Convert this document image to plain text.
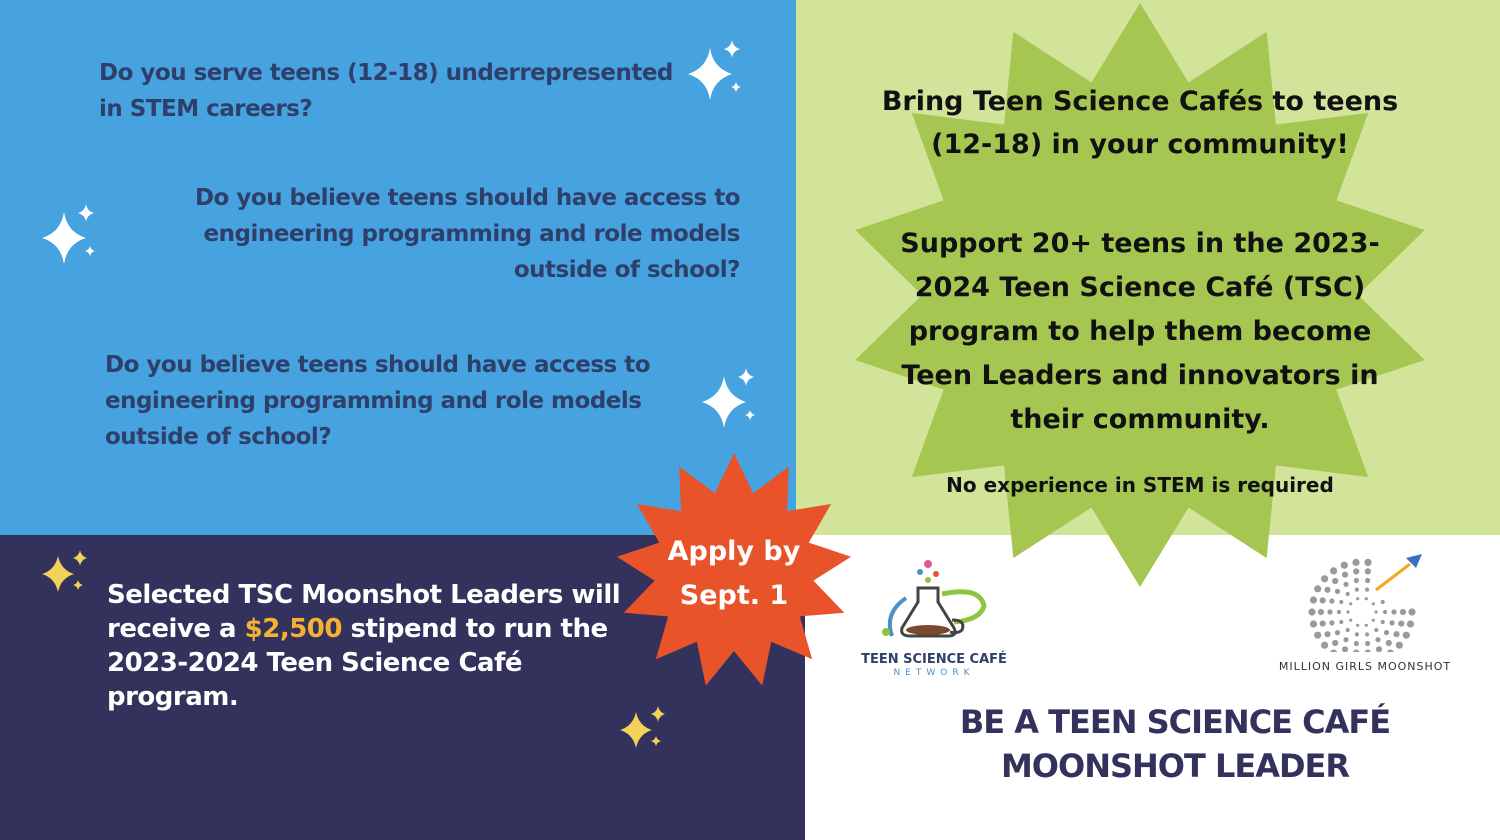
Do you serve teens (12-18) underrepresented in STEM careers?

Do you believe teens should have access to engineering programming and role models outside of school?

Do you believe teens should have access to engineering programming and role models outside of school?

Bring Teen Science Cafés to teens (12-18) in your community!

Support 20+ teens in the 2023-2024 Teen Science Café (TSC) program to help them become Teen Leaders and innovators in their community.

No experience in STEM is required

Selected TSC Moonshot Leaders will receive a $2,500 stipend to run the 2023-2024 Teen Science Café program.

Apply by Sept. 1

TEEN SCIENCE CAFÉ

NETWORK	MILLION GIRLS MOONSHOT

BE A TEEN SCIENCE CAFÉ MOONSHOT LEADER
